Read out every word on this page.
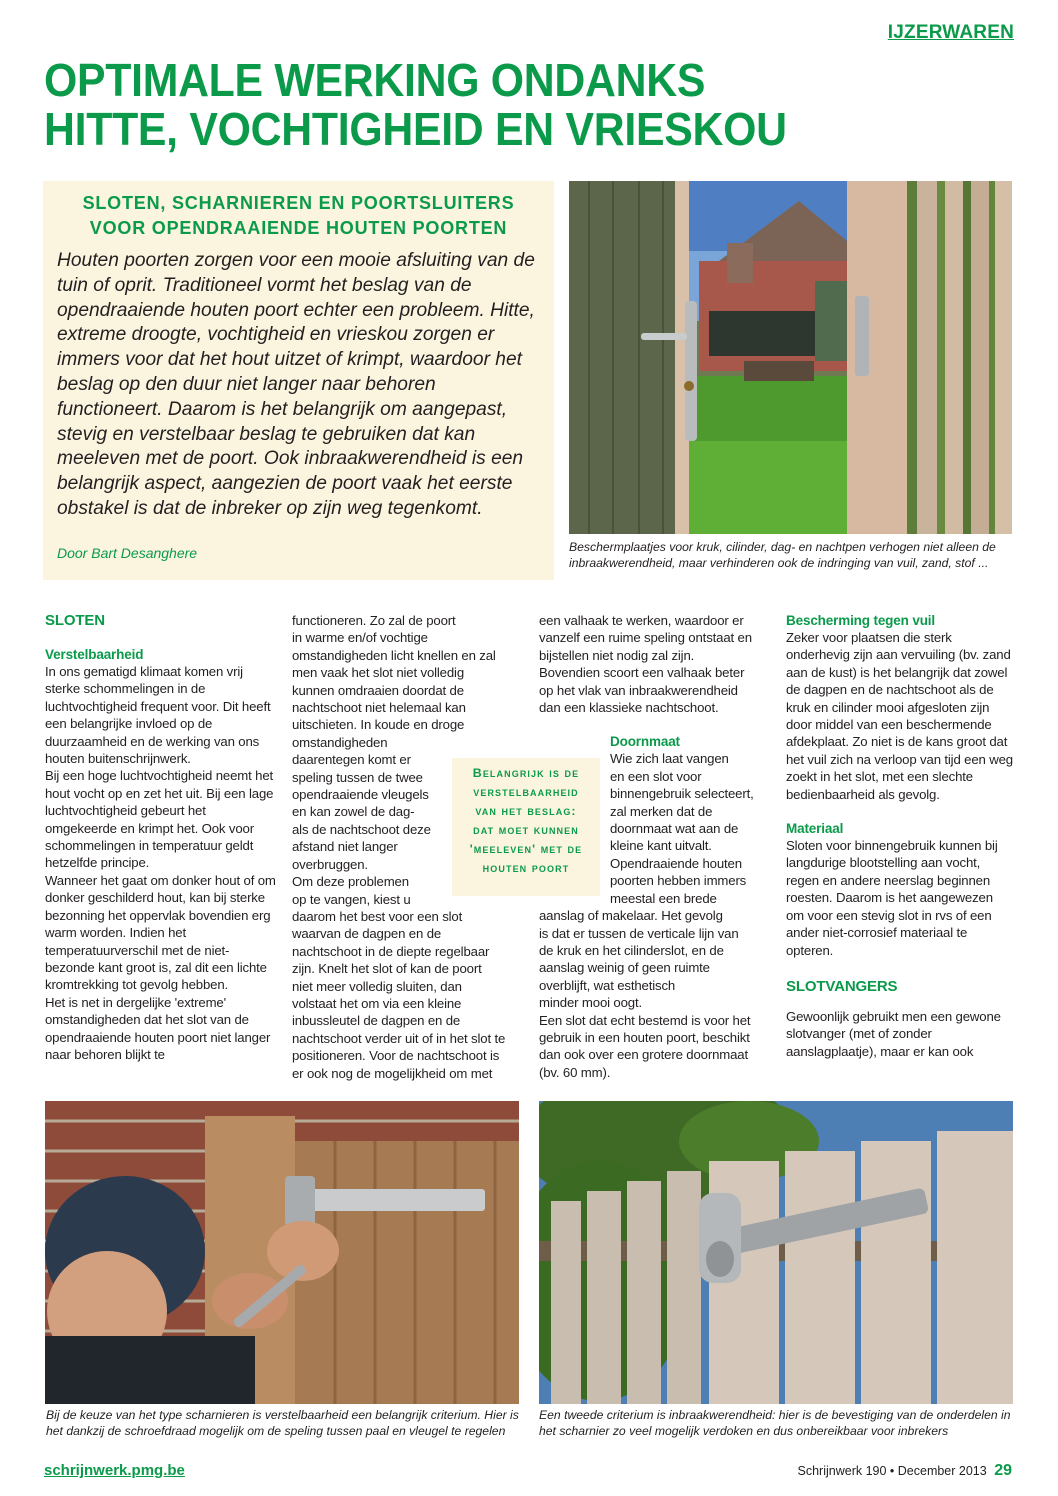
IJZERWAREN
OPTIMALE WERKING ONDANKS
HITTE, VOCHTIGHEID EN VRIESKOU
SLOTEN, SCHARNIEREN EN POORTSLUITERS
VOOR OPENDRAAIENDE HOUTEN POORTEN

Houten poorten zorgen voor een mooie afsluiting van de tuin of oprit. Traditioneel vormt het beslag van de opendraaiende houten poort echter een probleem. Hitte, extreme droogte, vochtigheid en vrieskou zorgen er immers voor dat het hout uitzet of krimpt, waardoor het beslag op den duur niet langer naar behoren functioneert. Daarom is het belangrijk om aangepast, stevig en verstelbaar beslag te gebruiken dat kan meeleven met de poort. Ook inbraakwerendheid is een belangrijk aspect, aangezien de poort vaak het eerste obstakel is dat de inbreker op zijn weg tegenkomt.

Door Bart Desanghere	Beschermplaatjes voor kruk, cilinder, dag- en nachtpen verhogen niet alleen de inbraakwerendheid, maar verhinderen ook de indringing van vuil, zand, stof ...
SLOTEN
Verstelbaarheid

In ons gematigd klimaat komen vrij sterke schommelingen in de luchtvochtigheid frequent voor. Dit heeft een belangrijke invloed op de duurzaamheid en de werking van ons houten buitenschrijnwerk.

Bij een hoge luchtvochtigheid neemt het hout vocht op en zet het uit. Bij een lage luchtvochtigheid gebeurt het omgekeerde en krimpt het. Ook voor schommelingen in temperatuur geldt hetzelfde principe.

Wanneer het gaat om donker hout of om donker geschilderd hout, kan bij sterke bezonning het oppervlak bovendien erg warm worden. Indien het temperatuurverschil met de niet-bezonde kant groot is, zal dit een lichte kromtrekking tot gevolg hebben.

Het is net in dergelijke 'extreme' omstandigheden dat het slot van de opendraaiende houten poort niet langer naar behoren blijkt te

functioneren. Zo zal de poort

in warme en/of vochtige

omstandigheden licht knellen en zal

men vaak het slot niet volledig

kunnen omdraaien doordat de

nachtschoot niet helemaal kan

uitschieten. In koude en droge

omstandigheden

daarentegen komt er

speling tussen de twee

opendraaiende vleugels

en kan zowel de dag-

als de nachtschoot deze

afstand niet langer

overbruggen.

Om deze problemen

op te vangen, kiest u

daarom het best voor een slot

waarvan de dagpen en de

nachtschoot in de diepte regelbaar

zijn. Knelt het slot of kan de poort

niet meer volledig sluiten, dan

volstaat het om via een kleine

inbussleutel de dagpen en de

nachtschoot verder uit of in het slot te

positioneren. Voor de nachtschoot is

er ook nog de mogelijkheid om met

Belangrijk is de
verstelbaarheid
van het beslag:
dat moet kunnen
'meeleven' met de
houten poort

een valhaak te werken, waardoor er

vanzelf een ruime speling ontstaat en

bijstellen niet nodig zal zijn.

Bovendien scoort een valhaak beter

op het vlak van inbraakwerendheid

dan een klassieke nachtschoot.

Doornmaat

Wie zich laat vangen

en een slot voor

binnengebruik selecteert,

zal merken dat de

doornmaat wat aan de

kleine kant uitvalt.

Opendraaiende houten

poorten hebben immers

meestal een brede

aanslag of makelaar. Het gevolg

is dat er tussen de verticale lijn van

de kruk en het cilinderslot, en de

aanslag weinig of geen ruimte

overblijft, wat esthetisch

minder mooi oogt.

Een slot dat echt bestemd is voor het

gebruik in een houten poort, beschikt

dan ook over een grotere doornmaat

(bv. 60 mm).

Bescherming tegen vuil

Zeker voor plaatsen die sterk onderhevig zijn aan vervuiling (bv. zand aan de kust) is het belangrijk dat zowel de dagpen en de nachtschoot als de kruk en cilinder mooi afgesloten zijn door middel van een beschermende afdekplaat. Zo niet is de kans groot dat het vuil zich na verloop van tijd een weg zoekt in het slot, met een slechte bedienbaarheid als gevolg.

Materiaal

Sloten voor binnengebruik kunnen bij langdurige blootstelling aan vocht, regen en andere neerslag beginnen roesten. Daarom is het aangewezen om voor een stevig slot in rvs of een ander niet-corrosief materiaal te opteren.

SLOTVANGERS

Gewoonlijk gebruikt men een gewone slotvanger (met of zonder aanslagplaatje), maar er kan ook

Bij de keuze van het type scharnieren is verstelbaarheid een belangrijk criterium. Hier is het dankzij de schroefdraad mogelijk om de speling tussen paal en vleugel te regelen
Een tweede criterium is inbraakwerendheid: hier is de bevestiging van de onderdelen in het scharnier zo veel mogelijk verdoken en dus onbereikbaar voor inbrekers
schrijnwerk.pmg.be	Schrijnwerk 190 • December 2013 29
